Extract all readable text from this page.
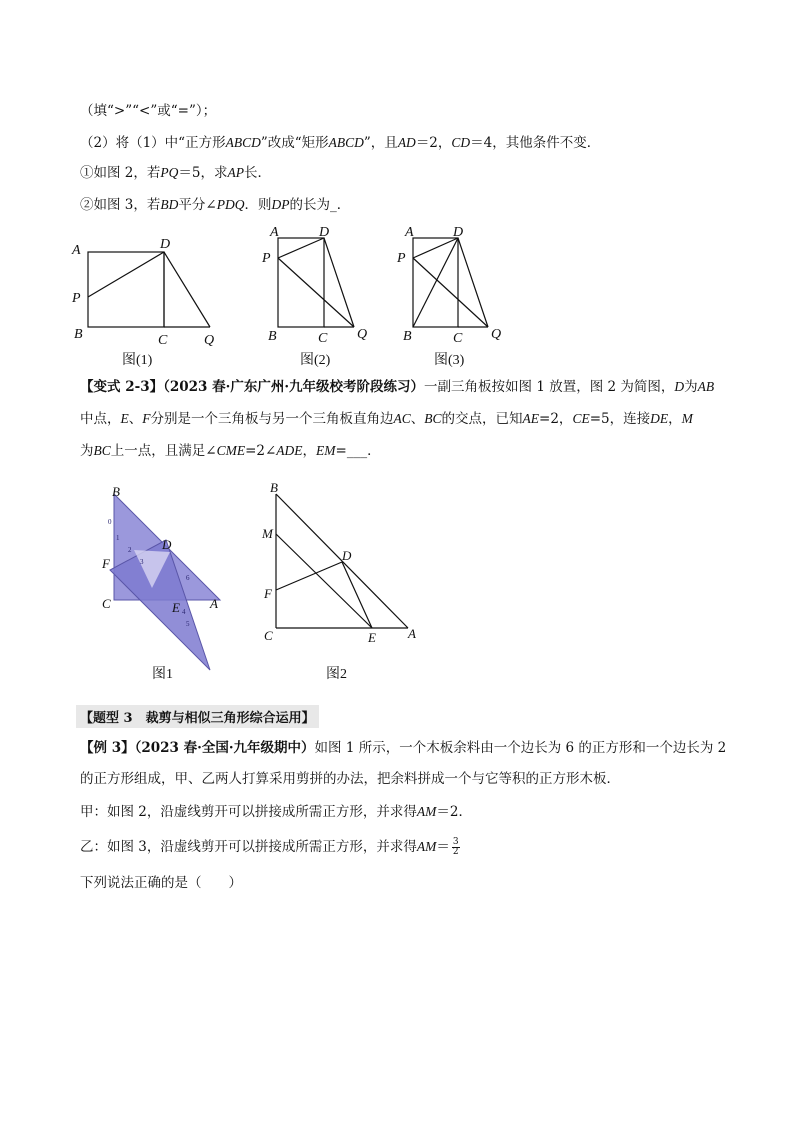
（填“>”“<”或“=”）；
（2）将（1）中“正方形ABCD”改成“矩形ABCD”，且AD＝2，CD＝4，其他条件不变．
①如图 2，若PQ＝5，求AP长．
②如图 3，若BD平分∠PDQ．则DP的长为_．
A	D
P
B	C	Q
图(1)
A	D
P
B	C Q
图(2)
A	D
P
B	C Q
图(3)
【变式 2-3】（2023 春·广东广州·九年级校考阶段练习）一副三角板按如图 1 放置，图 2 为简图，D为AB
中点，E、F分别是一个三角板与另一个三角板直角边AC、BC的交点，已知AE=2，CE=5，连接DE，M
为BC上一点，且满足∠CME=2∠ADE，EM=___．
0
1
2
3
4
5
6
B
D
F
C	E A
图1
B
M
D
F
C	E A
图2
【题型 3　裁剪与相似三角形综合运用】
【例 3】（2023 春·全国·九年级期中）如图 1 所示，一个木板余料由一个边长为 6 的正方形和一个边长为 2
的正方形组成，甲、乙两人打算采用剪拼的办法，把余料拼成一个与它等积的正方形木板．
甲：如图 2，沿虚线剪开可以拼接成所需正方形，并求得AM＝2．
乙：如图 3，沿虚线剪开可以拼接成所需正方形，并求得$AM= \frac{3}{2}$
下列说法正确的是（　　）
